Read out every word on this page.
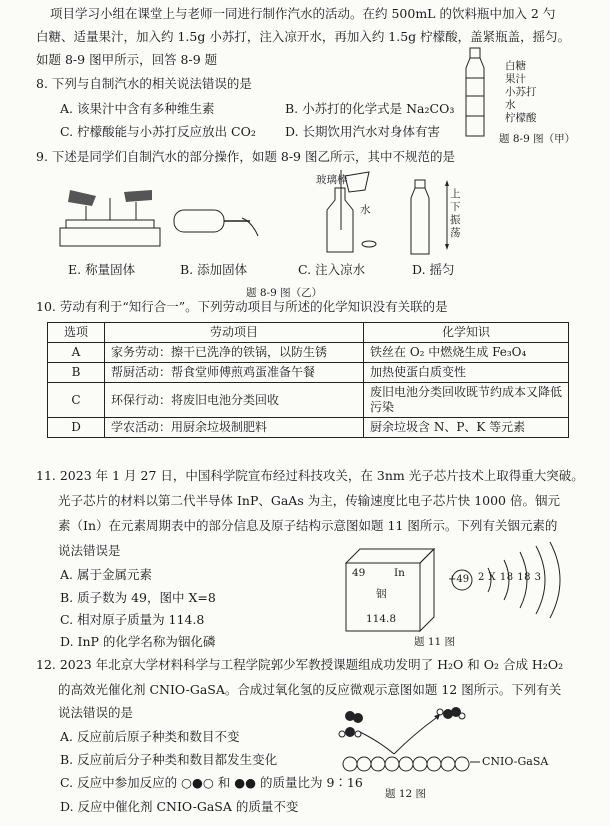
项目学习小组在课堂上与老师一同进行制作汽水的活动。在约 500mL 的饮料瓶中加入 2 勺
白糖、适量果汁，加入约 1.5g 小苏打，注入凉开水，再加入约 1.5g 柠檬酸，盖紧瓶盖，摇匀。
如题 8-9 图甲所示，回答 8-9 题	白糖
果汁
小苏打
水
柠檬酸
题 8-9 图（甲）
8. 下列与自制汽水的相关说法错误的是
A. 该果汁中含有多种维生素	B. 小苏打的化学式是 Na₂CO₃
C. 柠檬酸能与小苏打反应放出 CO₂ D. 长期饮用汽水对身体有害
9. 下述是同学们自制汽水的部分操作，如题 8-9 图乙所示，其中不规范的是
玻璃棒
水
上下振荡
E. 称量固体	B. 添加固体	C. 注入凉水	D. 摇匀
题 8-9 图（乙）
10. 劳动有利于“知行合一”。下列劳动项目与所述的化学知识没有关联的是
选项	劳动项目	化学知识
A	家务劳动：擦干已洗净的铁锅，以防生锈	铁丝在 O₂ 中燃烧生成 Fe₃O₄
B	帮厨活动：帮食堂师傅煎鸡蛋准备午餐	加热使蛋白质变性
C	环保行动：将废旧电池分类回收	废旧电池分类回收既节约成本又降低污染
D	学农活动：用厨余垃圾制肥料	厨余垃圾含 N、P、K 等元素
11. 2023 年 1 月 27 日，中国科学院宣布经过科技攻关，在 3nm 光子芯片技术上取得重大突破。
光子芯片的材料以第二代半导体 InP、GaAs 为主，传输速度比电子芯片快 1000 倍。铟元
素（In）在元素周期表中的部分信息及原子结构示意图如题 11 图所示。下列有关铟元素的
说法错误是
A. 属于金属元素
B. 质子数为 49，图中 X=8
C. 相对原子质量为 114.8
D. InP 的化学名称为铟化磷
49	In
铟
114.8
+49 2 X 18 18 3
题 11 图
12. 2023 年北京大学材料科学与工程学院郭少军教授课题组成功发明了 H₂O 和 O₂ 合成 H₂O₂
的高效光催化剂 CNIO-GaSA。合成过氧化氢的反应微观示意图如题 12 图所示。下列有关
说法错误的是
A. 反应前后原子种类和数目不变
B. 反应前后分子种类和数目都发生变化
C. 反应中参加反应的 ○●○ 和 ●● 的质量比为 9∶16
D. 反应中催化剂 CNIO-GaSA 的质量不变
CNIO-GaSA
题 12 图
